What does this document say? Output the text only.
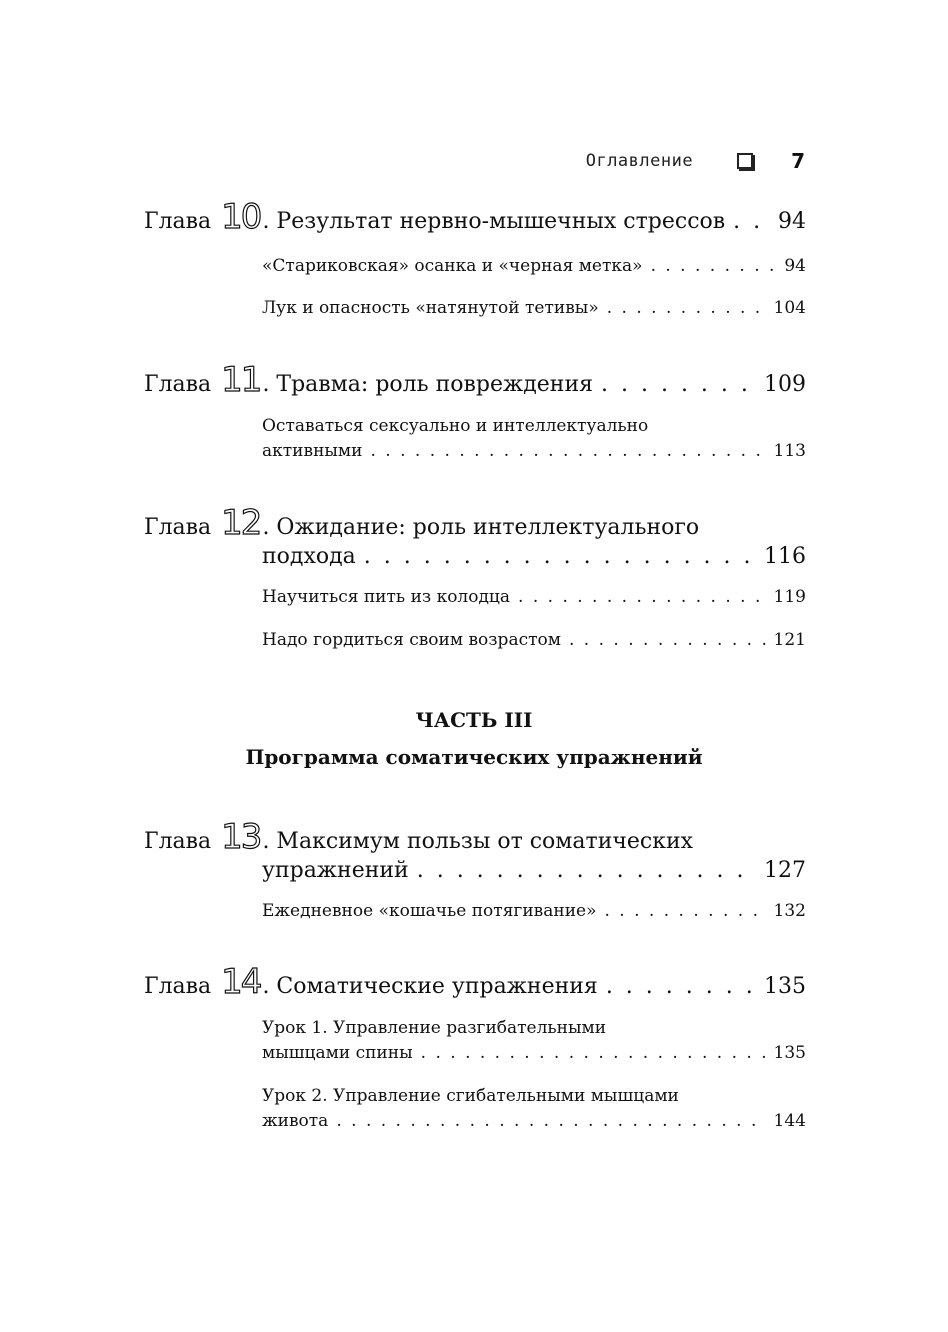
Оглавление	7
Глава 10 . Результат нервно-мышечных стрессов . . . 94
«Стариковская» осанка и «черная метка» . . .	94
Лук и опасность «натянутой тетивы» . . .	104
Глава 11 . Травма: роль повреждения . . .	109
Оставаться сексуально и интеллектуально
активными . . .	113
Глава 12 . Ожидание: роль интеллектуального
подхода . . .	116
Научиться пить из колодца . . .	119
Надо гордиться своим возрастом . . .	121
ЧАСТЬ III
Программа соматических упражнений
Глава 13 . Максимум пользы от соматических
упражнений . . .	127
Ежедневное «кошачье потягивание» . . .	132
Глава 14 . Соматические упражнения . . .	135
Урок 1. Управление разгибательными
мышцами спины . . .	135
Урок 2. Управление сгибательными мышцами
живота . . .	144
